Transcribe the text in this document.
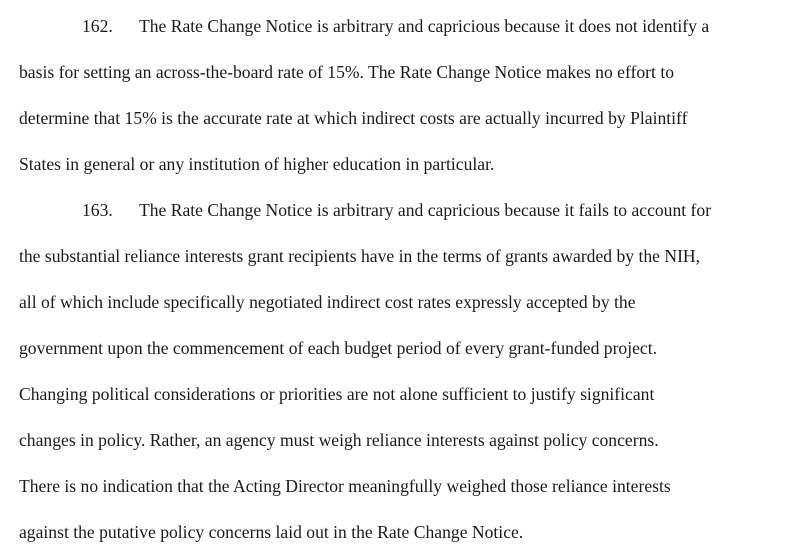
162. The Rate Change Notice is arbitrary and capricious because it does not identify a
basis for setting an across-the-board rate of 15%. The Rate Change Notice makes no effort to
determine that 15% is the accurate rate at which indirect costs are actually incurred by Plaintiff
States in general or any institution of higher education in particular.
163. The Rate Change Notice is arbitrary and capricious because it fails to account for
the substantial reliance interests grant recipients have in the terms of grants awarded by the NIH,
all of which include specifically negotiated indirect cost rates expressly accepted by the
government upon the commencement of each budget period of every grant-funded project.
Changing political considerations or priorities are not alone sufficient to justify significant
changes in policy. Rather, an agency must weigh reliance interests against policy concerns.
There is no indication that the Acting Director meaningfully weighed those reliance interests
against the putative policy concerns laid out in the Rate Change Notice.
